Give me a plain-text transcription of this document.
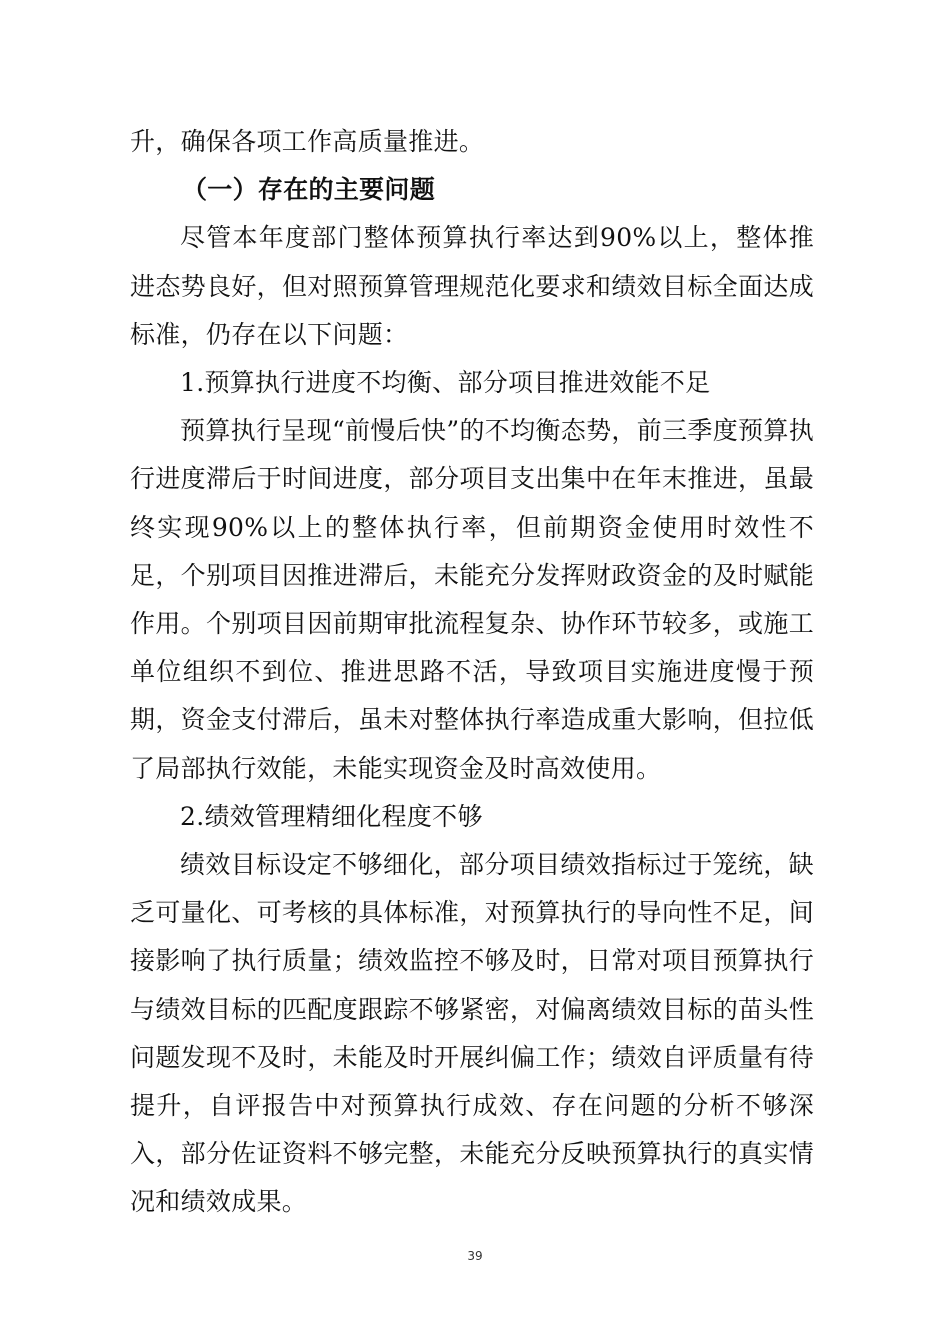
升，确保各项工作高质量推进。

（一）存在的主要问题

尽管本年度部门整体预算执行率达到90%以上，整体推进态势良好，但对照预算管理规范化要求和绩效目标全面达成标准，仍存在以下问题：

1.预算执行进度不均衡、部分项目推进效能不足

预算执行呈现“前慢后快”的不均衡态势，前三季度预算执行进度滞后于时间进度，部分项目支出集中在年末推进，虽最终实现90%以上的整体执行率，但前期资金使用时效性不足，个别项目因推进滞后，未能充分发挥财政资金的及时赋能作用。个别项目因前期审批流程复杂、协作环节较多，或施工单位组织不到位、推进思路不活，导致项目实施进度慢于预期，资金支付滞后，虽未对整体执行率造成重大影响，但拉低了局部执行效能，未能实现资金及时高效使用。

2.绩效管理精细化程度不够

绩效目标设定不够细化，部分项目绩效指标过于笼统，缺乏可量化、可考核的具体标准，对预算执行的导向性不足，间接影响了执行质量；绩效监控不够及时，日常对项目预算执行与绩效目标的匹配度跟踪不够紧密，对偏离绩效目标的苗头性问题发现不及时，未能及时开展纠偏工作；绩效自评质量有待提升，自评报告中对预算执行成效、存在问题的分析不够深入，部分佐证资料不够完整，未能充分反映预算执行的真实情况和绩效成果。

39
